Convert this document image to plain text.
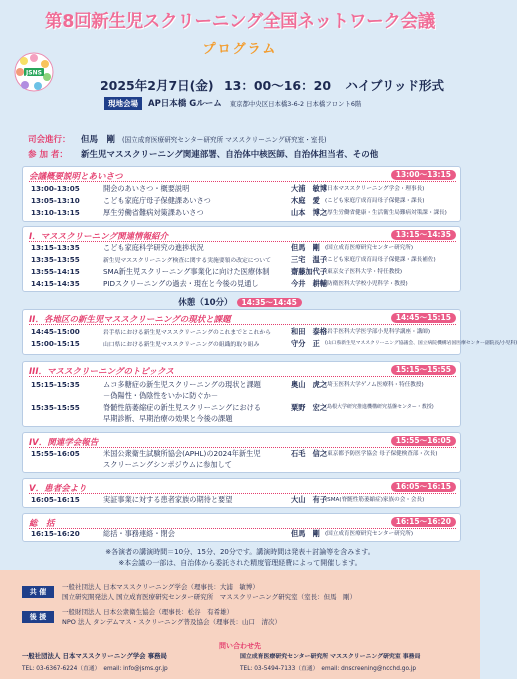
第8回新生児スクリーニング全国ネットワーク会議
プログラム
JSNS
2025年2月7日(金) 13：00～16：20 ハイブリッド形式
現地会場	AP日本橋 Gルーム 東京都中央区日本橋3-6-2 日本橋フロント6階
司会進行： 但馬　剛 (国立成育医療研究センター研究所 マススクリーニング研究室・室長)
参 加 者： 新生児マススクリーニング関連部署、自治体中核医師、自治体担当者、その他
会議概要説明とあいさつ	13:00～13:15
13:00-13:05	開会のあいさつ・概要説明	大浦　敏博
(日本マススクリーニング学会・理事長)
13:05-13:10	こども家庭庁母子保健課あいさつ	木庭　愛 (こども家庭庁成育局母子保健課・課長)
13:10-13:15	厚生労働省難病対策課あいさつ	山本　博之
(厚生労働省健康・生活衛生局難病対策課・課長)
I．マススクリーニング関連情報紹介	13:15～14:35
13:15-13:35	こども家庭科学研究の進捗状況	但馬　剛 (国立成育医療研究センター研究所)
13:35-13:55	新生児マススクリーニング検査に関する実施要領の改定について	三宅　温子
(こども家庭庁成育局母子保健課・課長補佐)
13:55-14:15	SMA新生児スクリーニング事業化に向けた医療体制	齋藤加代子
(東京女子医科大学・特任教授)
14:15-14:35	PIDスクリーニングの過去・現在と今後の見通し	今井　耕輔
(防衛医科大学校小児科学・教授)
休憩（10分） 14:35～14:45
II．各地区の新生児マススクリーニングの現状と課題	14:45～15:15
14:45-15:00	岩手県における新生児マススクリーニングのこれまでとこれから	和田　泰格
(岩手医科大学医学部小児科学講座・講師)
15:00-15:15	山口県における新生児マススクリーニングの組織的取り組み	守分　正 (山口県新生児マススクリーニング協議会、国立病院機構岩国医療センター副院長/小児科)
III．マススクリーニングのトピックス	15:15～15:55
15:15-15:35	ムコ多糖症の新生児スクリーニングの現状と課題	奥山　虎之
(埼玉医科大学ゲノム医療科・特任教授)
－偽陽性・偽陰性をいかに防ぐか－
15:35-15:55	脊髄性筋萎縮症の新生児スクリーニングにおける	粟野　宏之
(島根大学研究推進機構研究基盤センター・教授)
早期診断、早期治療の効果と今後の課題
IV．関連学会報告	15:55～16:05
15:55-16:05	米国公衆衛生試験所協会(APHL)の2024年新生児	石毛　信之
(東京都予防医学協会 母子保健検査部・次長)
スクリーニングシンポジウムに参加して
V．患者会より	16:05～16:15
16:05-16:15	実証事業に対する患者家族の期待と要望	大山　有子
(SMA(脊髄性筋萎縮症)家族の会・会長)
総　括	16:15～16:20
16:15-16:20	総括・事務連絡・閉会	但馬　剛 (国立成育医療研究センター研究所)
※各演者の講演時間＝10分、15分、20分です。講演時間は発表＋討論等を含みます。
※本会議の一部は、自治体から委託された精度管理経費によって開催します。
共 催
一般社団法人 日本マススクリーニング学会（理事長：大浦　敏博）
国立研究開発法人 国立成育医療研究センター研究所　マススクリーニング研究室（室長：但馬　剛）
後 援
一般財団法人 日本公衆衛生協会（理事長：松谷　有希雄）
NPO 法人 タンデムマス・スクリーニング普及協会（理事長：山口　清次）
問い合わせ先
一般社団法人 日本マススクリーニング学会 事務局
TEL: 03-6367-6224（直通）　email: info@jsms.gr.jp
国立成育医療研究センター研究所 マススクリーニング研究室 事務局
TEL: 03-5494-7133（直通）　email: dnscreening@ncchd.go.jp
